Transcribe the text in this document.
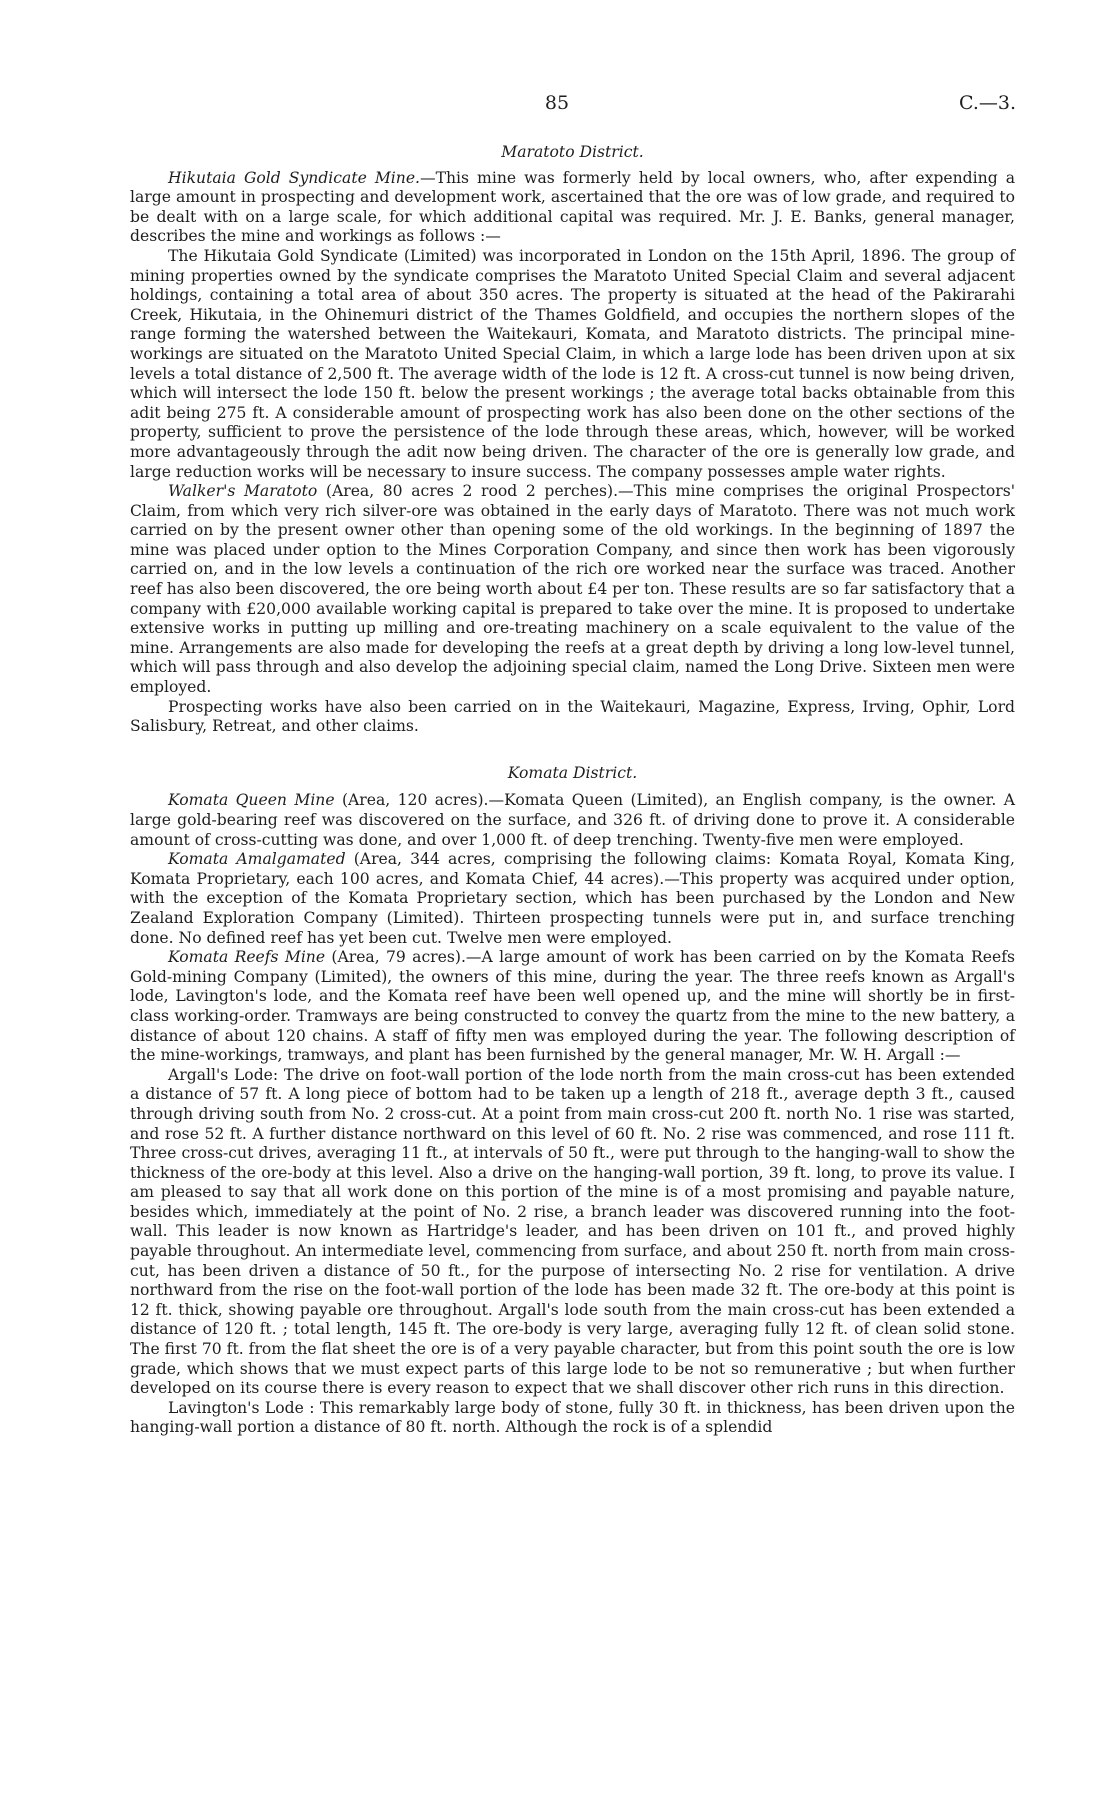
85	C.—3.
Maratoto District.

Hikutaia Gold Syndicate Mine.—This mine was formerly held by local owners, who, after expending a large amount in prospecting and development work, ascertained that the ore was of low grade, and required to be dealt with on a large scale, for which additional capital was required. Mr. J. E. Banks, general manager, describes the mine and workings as follows :—

The Hikutaia Gold Syndicate (Limited) was incorporated in London on the 15th April, 1896. The group of mining properties owned by the syndicate comprises the Maratoto United Special Claim and several adjacent holdings, containing a total area of about 350 acres. The property is situated at the head of the Pakirarahi Creek, Hikutaia, in the Ohinemuri district of the Thames Goldfield, and occupies the northern slopes of the range forming the watershed between the Waitekauri, Komata, and Maratoto districts. The principal mine-workings are situated on the Maratoto United Special Claim, in which a large lode has been driven upon at six levels a total distance of 2,500 ft. The average width of the lode is 12 ft. A cross-cut tunnel is now being driven, which will intersect the lode 150 ft. below the present workings ; the average total backs obtainable from this adit being 275 ft. A considerable amount of prospecting work has also been done on the other sections of the property, sufficient to prove the persistence of the lode through these areas, which, however, will be worked more advantageously through the adit now being driven. The character of the ore is generally low grade, and large reduction works will be necessary to insure success. The company possesses ample water rights.

Walker's Maratoto (Area, 80 acres 2 rood 2 perches).—This mine comprises the original Prospectors' Claim, from which very rich silver-ore was obtained in the early days of Maratoto. There was not much work carried on by the present owner other than opening some of the old workings. In the beginning of 1897 the mine was placed under option to the Mines Corporation Company, and since then work has been vigorously carried on, and in the low levels a continuation of the rich ore worked near the surface was traced. Another reef has also been discovered, the ore being worth about £4 per ton. These results are so far satisfactory that a company with £20,000 available working capital is prepared to take over the mine. It is proposed to undertake extensive works in putting up milling and ore-treating machinery on a scale equivalent to the value of the mine. Arrangements are also made for developing the reefs at a great depth by driving a long low-level tunnel, which will pass through and also develop the adjoining special claim, named the Long Drive. Sixteen men were employed.

Prospecting works have also been carried on in the Waitekauri, Magazine, Express, Irving, Ophir, Lord Salisbury, Retreat, and other claims.

Komata District.

Komata Queen Mine (Area, 120 acres).—Komata Queen (Limited), an English company, is the owner. A large gold-bearing reef was discovered on the surface, and 326 ft. of driving done to prove it. A considerable amount of cross-cutting was done, and over 1,000 ft. of deep trenching. Twenty-five men were employed.

Komata Amalgamated (Area, 344 acres, comprising the following claims: Komata Royal, Komata King, Komata Proprietary, each 100 acres, and Komata Chief, 44 acres).—This property was acquired under option, with the exception of the Komata Proprietary section, which has been purchased by the London and New Zealand Exploration Company (Limited). Thirteen prospecting tunnels were put in, and surface trenching done. No defined reef has yet been cut. Twelve men were employed.

Komata Reefs Mine (Area, 79 acres).—A large amount of work has been carried on by the Komata Reefs Gold-mining Company (Limited), the owners of this mine, during the year. The three reefs known as Argall's lode, Lavington's lode, and the Komata reef have been well opened up, and the mine will shortly be in first-class working-order. Tramways are being constructed to convey the quartz from the mine to the new battery, a distance of about 120 chains. A staff of fifty men was employed during the year. The following description of the mine-workings, tramways, and plant has been furnished by the general manager, Mr. W. H. Argall :—

Argall's Lode: The drive on foot-wall portion of the lode north from the main cross-cut has been extended a distance of 57 ft. A long piece of bottom had to be taken up a length of 218 ft., average depth 3 ft., caused through driving south from No. 2 cross-cut. At a point from main cross-cut 200 ft. north No. 1 rise was started, and rose 52 ft. A further distance northward on this level of 60 ft. No. 2 rise was commenced, and rose 111 ft. Three cross-cut drives, averaging 11 ft., at intervals of 50 ft., were put through to the hanging-wall to show the thickness of the ore-body at this level. Also a drive on the hanging-wall portion, 39 ft. long, to prove its value. I am pleased to say that all work done on this portion of the mine is of a most promising and payable nature, besides which, immediately at the point of No. 2 rise, a branch leader was discovered running into the foot-wall. This leader is now known as Hartridge's leader, and has been driven on 101 ft., and proved highly payable throughout. An intermediate level, commencing from surface, and about 250 ft. north from main cross-cut, has been driven a distance of 50 ft., for the purpose of intersecting No. 2 rise for ventilation. A drive northward from the rise on the foot-wall portion of the lode has been made 32 ft. The ore-body at this point is 12 ft. thick, showing payable ore throughout. Argall's lode south from the main cross-cut has been extended a distance of 120 ft. ; total length, 145 ft. The ore-body is very large, averaging fully 12 ft. of clean solid stone. The first 70 ft. from the flat sheet the ore is of a very payable character, but from this point south the ore is low grade, which shows that we must expect parts of this large lode to be not so remunerative ; but when further developed on its course there is every reason to expect that we shall discover other rich runs in this direction.

Lavington's Lode : This remarkably large body of stone, fully 30 ft. in thickness, has been driven upon the hanging-wall portion a distance of 80 ft. north. Although the rock is of a splendid
